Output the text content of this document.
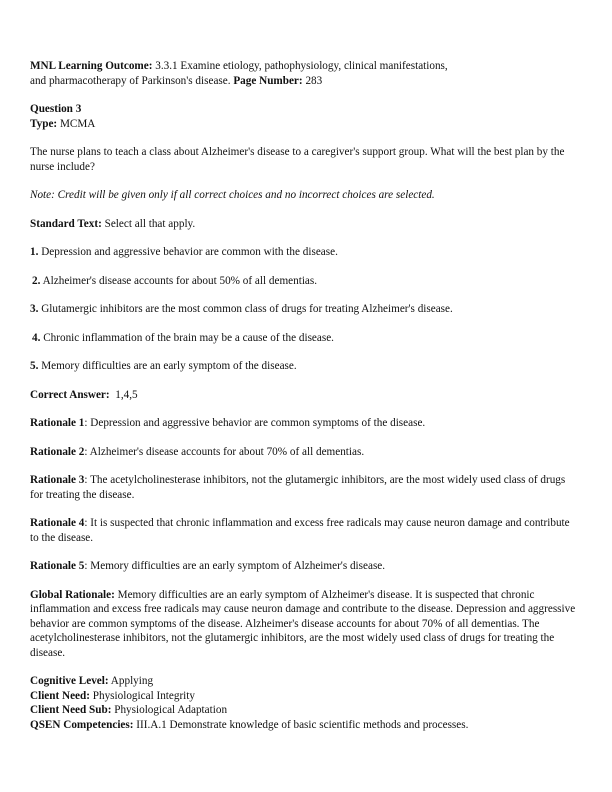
MNL Learning Outcome: 3.3.1 Examine etiology, pathophysiology, clinical manifestations,

and pharmacotherapy of Parkinson's disease. Page Number: 283

Question 3

Type: MCMA

The nurse plans to teach a class about Alzheimer's disease to a caregiver's support group. What will the best plan by the nurse include?

Note: Credit will be given only if all correct choices and no incorrect choices are selected.

Standard Text: Select all that apply.

1. Depression and aggressive behavior are common with the disease.

2. Alzheimer's disease accounts for about 50% of all dementias.

3. Glutamergic inhibitors are the most common class of drugs for treating Alzheimer's disease.

4. Chronic inflammation of the brain may be a cause of the disease.

5. Memory difficulties are an early symptom of the disease.

Correct Answer: 1,4,5

Rationale 1: Depression and aggressive behavior are common symptoms of the disease.

Rationale 2: Alzheimer's disease accounts for about 70% of all dementias.

Rationale 3: The acetylcholinesterase inhibitors, not the glutamergic inhibitors, are the most widely used class of drugs for treating the disease.

Rationale 4: It is suspected that chronic inflammation and excess free radicals may cause neuron damage and contribute to the disease.

Rationale 5: Memory difficulties are an early symptom of Alzheimer's disease.

Global Rationale: Memory difficulties are an early symptom of Alzheimer's disease. It is suspected that chronic inflammation and excess free radicals may cause neuron damage and contribute to the disease. Depression and aggressive behavior are common symptoms of the disease. Alzheimer's disease accounts for about 70% of all dementias. The acetylcholinesterase inhibitors, not the glutamergic inhibitors, are the most widely used class of drugs for treating the disease.

Cognitive Level: Applying

Client Need: Physiological Integrity

Client Need Sub: Physiological Adaptation

QSEN Competencies: III.A.1 Demonstrate knowledge of basic scientific methods and processes.
